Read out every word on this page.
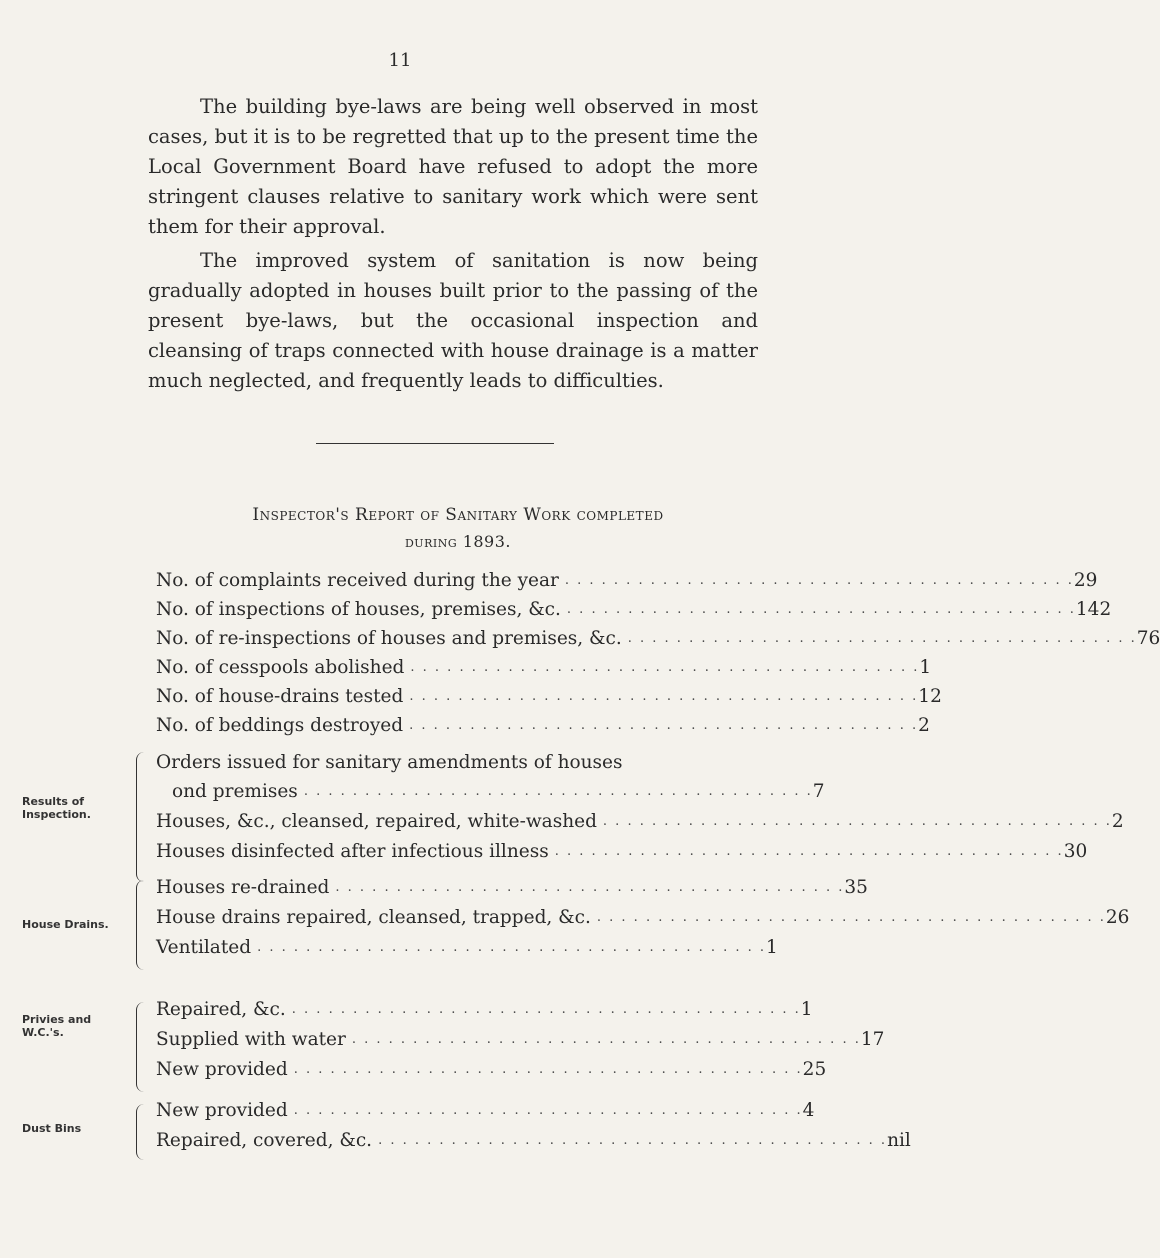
11

The building bye-laws are being well observed in most cases, but it is to be regretted that up to the present time the Local Government Board have refused to adopt the more stringent clauses relative to sanitary work which were sent them for their approval.

The improved system of sanitation is now being gradually adopted in houses built prior to the passing of the present bye-laws, but the occasional inspection and cleansing of traps connected with house drainage is a matter much neglected, and frequently leads to difficulties.

Inspector's Report of Sanitary Work completed
during 1893.
No. of complaints received during the year . . . . . . . . . . . . . . . . . . . . . . . . . . . . . . . . . . . . . . . . . . 29
No. of inspections of houses, premises, &c. . . . . . . . . . . . . . . . . . . . . . . . . . . . . . . . . . . . . . . . . . . 142
No. of re-inspections of houses and premises, &c. . . . . . . . . . . . . . . . . . . . . . . . . . . . . . . . . . . . . . . . . . . 76
No. of cesspools abolished . . . . . . . . . . . . . . . . . . . . . . . . . . . . . . . . . . . . . . . . . . 1
No. of house-drains tested . . . . . . . . . . . . . . . . . . . . . . . . . . . . . . . . . . . . . . . . . . 12
No. of beddings destroyed . . . . . . . . . . . . . . . . . . . . . . . . . . . . . . . . . . . . . . . . . . 2
Results of Inspection.
Orders issued for sanitary amendments of houses
ond premises . . . . . . . . . . . . . . . . . . . . . . . . . . . . . . . . . . . . . . . . . . 7
Houses, &c., cleansed, repaired, white-washed . . . . . . . . . . . . . . . . . . . . . . . . . . . . . . . . . . . . . . . . . . 2
Houses disinfected after infectious illness . . . . . . . . . . . . . . . . . . . . . . . . . . . . . . . . . . . . . . . . . . 30
House Drains.
Houses re-drained . . . . . . . . . . . . . . . . . . . . . . . . . . . . . . . . . . . . . . . . . . 35
House drains repaired, cleansed, trapped, &c. . . . . . . . . . . . . . . . . . . . . . . . . . . . . . . . . . . . . . . . . . . 26
Ventilated . . . . . . . . . . . . . . . . . . . . . . . . . . . . . . . . . . . . . . . . . . 1
Privies and W.C.'s.
Repaired, &c. . . . . . . . . . . . . . . . . . . . . . . . . . . . . . . . . . . . . . . . . . . 1
Supplied with water . . . . . . . . . . . . . . . . . . . . . . . . . . . . . . . . . . . . . . . . . . 17
New provided . . . . . . . . . . . . . . . . . . . . . . . . . . . . . . . . . . . . . . . . . . 25
Dust Bins
New provided . . . . . . . . . . . . . . . . . . . . . . . . . . . . . . . . . . . . . . . . . . 4
Repaired, covered, &c. . . . . . . . . . . . . . . . . . . . . . . . . . . . . . . . . . . . . . . . . . . nil
